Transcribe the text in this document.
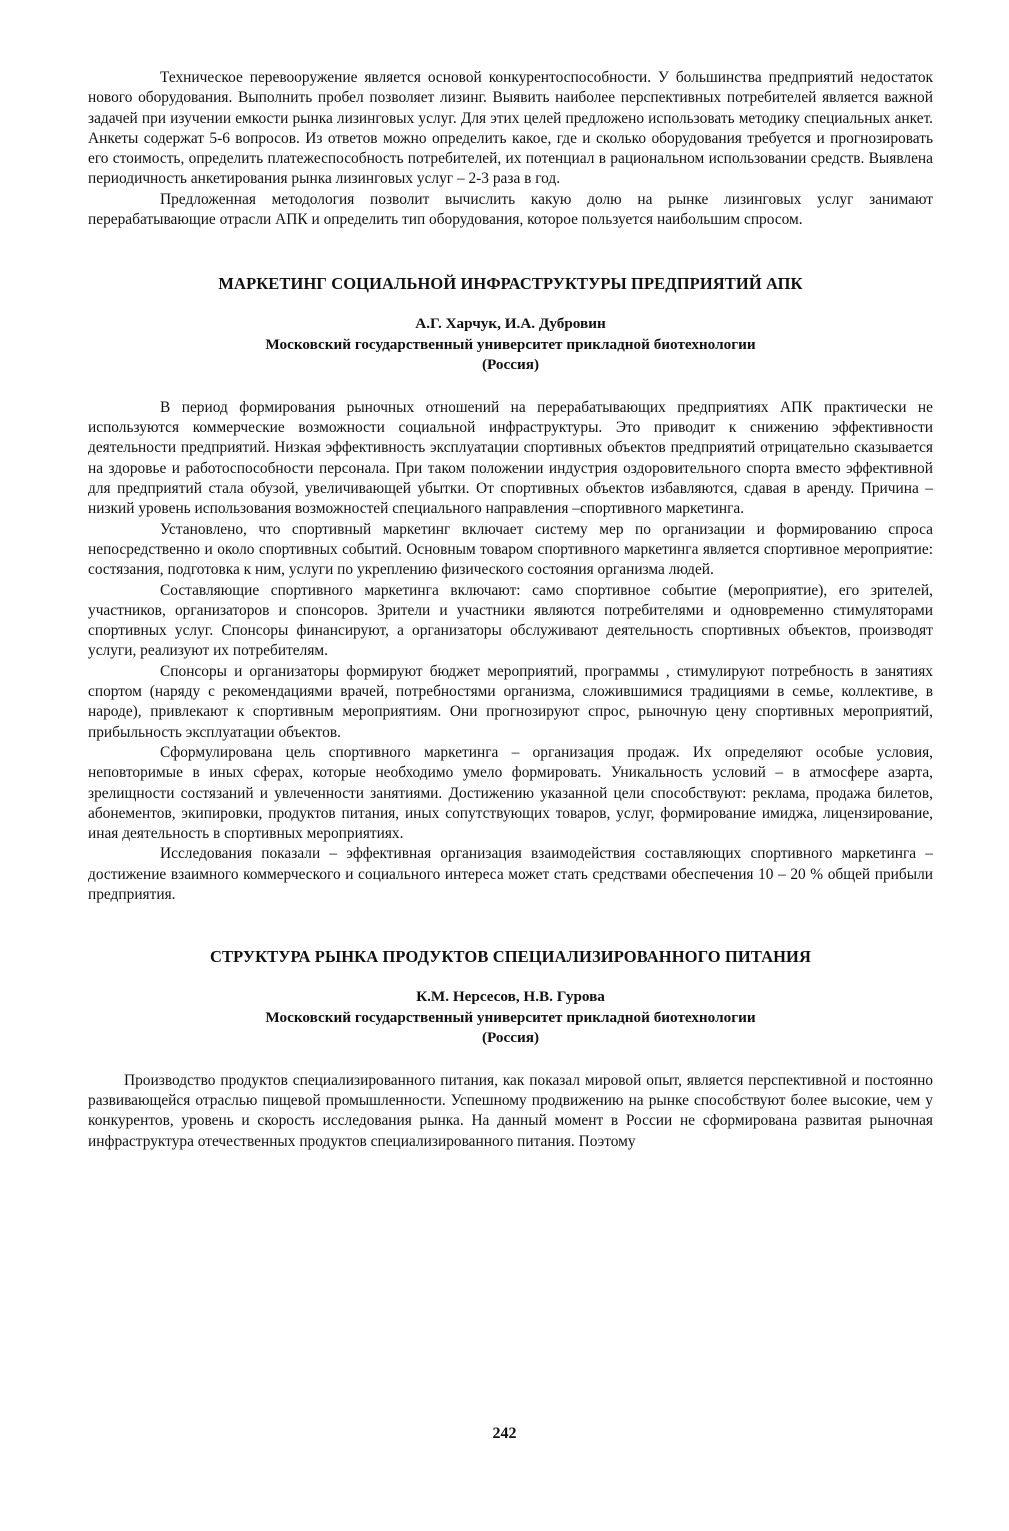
Техническое перевооружение является основой конкурентоспособности. У большинства предприятий недостаток нового оборудования. Выполнить пробел позволяет лизинг. Выявить наиболее перспективных потребителей является важной задачей при изучении емкости рынка лизинговых услуг. Для этих целей предложено использовать методику специальных анкет. Анкеты содержат 5-6 вопросов. Из ответов можно определить какое, где и сколько оборудования требуется и прогнозировать его стоимость, определить платежеспособность потребителей, их потенциал в рациональном использовании средств. Выявлена периодичность анкетирования рынка лизинговых услуг – 2-3 раза в год.

Предложенная методология позволит вычислить какую долю на рынке лизинговых услуг занимают перерабатывающие отрасли АПК и определить тип оборудования, которое пользуется наибольшим спросом.

МАРКЕТИНГ СОЦИАЛЬНОЙ ИНФРАСТРУКТУРЫ ПРЕДПРИЯТИЙ АПК
А.Г. Харчук, И.А. Дубровин
Московский государственный университет прикладной биотехнологии
(Россия)

В период формирования рыночных отношений на перерабатывающих предприятиях АПК практически не используются коммерческие возможности социальной инфраструктуры. Это приводит к снижению эффективности деятельности предприятий. Низкая эффективность эксплуатации спортивных объектов предприятий отрицательно сказывается на здоровье и работоспособности персонала. При таком положении индустрия оздоровительного спорта вместо эффективной для предприятий стала обузой, увеличивающей убытки. От спортивных объектов избавляются, сдавая в аренду. Причина – низкий уровень использования возможностей специального направления –спортивного маркетинга.

Установлено, что спортивный маркетинг включает систему мер по организации и формированию спроса непосредственно и около спортивных событий. Основным товаром спортивного маркетинга является спортивное мероприятие: состязания, подготовка к ним, услуги по укреплению физического состояния организма людей.

Составляющие спортивного маркетинга включают: само спортивное событие (мероприятие), его зрителей, участников, организаторов и спонсоров. Зрители и участники являются потребителями и одновременно стимуляторами спортивных услуг. Спонсоры финансируют, а организаторы обслуживают деятельность спортивных объектов, производят услуги, реализуют их потребителям.

Спонсоры и организаторы формируют бюджет мероприятий, программы , стимулируют потребность в занятиях спортом (наряду с рекомендациями врачей, потребностями организма, сложившимися традициями в семье, коллективе, в народе), привлекают к спортивным мероприятиям. Они прогнозируют спрос, рыночную цену спортивных мероприятий, прибыльность эксплуатации объектов.

Сформулирована цель спортивного маркетинга – организация продаж. Их определяют особые условия, неповторимые в иных сферах, которые необходимо умело формировать. Уникальность условий – в атмосфере азарта, зрелищности состязаний и увлеченности занятиями. Достижению указанной цели способствуют: реклама, продажа билетов, абонементов, экипировки, продуктов питания, иных сопутствующих товаров, услуг, формирование имиджа, лицензирование, иная деятельность в спортивных мероприятиях.

Исследования показали – эффективная организация взаимодействия составляющих спортивного маркетинга – достижение взаимного коммерческого и социального интереса может стать средствами обеспечения 10 – 20 % общей прибыли предприятия.

СТРУКТУРА РЫНКА ПРОДУКТОВ СПЕЦИАЛИЗИРОВАННОГО ПИТАНИЯ
К.М. Нерсесов, Н.В. Гурова
Московский государственный университет прикладной биотехнологии
(Россия)

Производство продуктов специализированного питания, как показал мировой опыт, является перспективной и постоянно развивающейся отраслью пищевой промышленности. Успешному продвижению на рынке способствуют более высокие, чем у конкурентов, уровень и скорость исследования рынка. На данный момент в России не сформирована развитая рыночная инфраструктура отечественных продуктов специализированного питания. Поэтому

242
